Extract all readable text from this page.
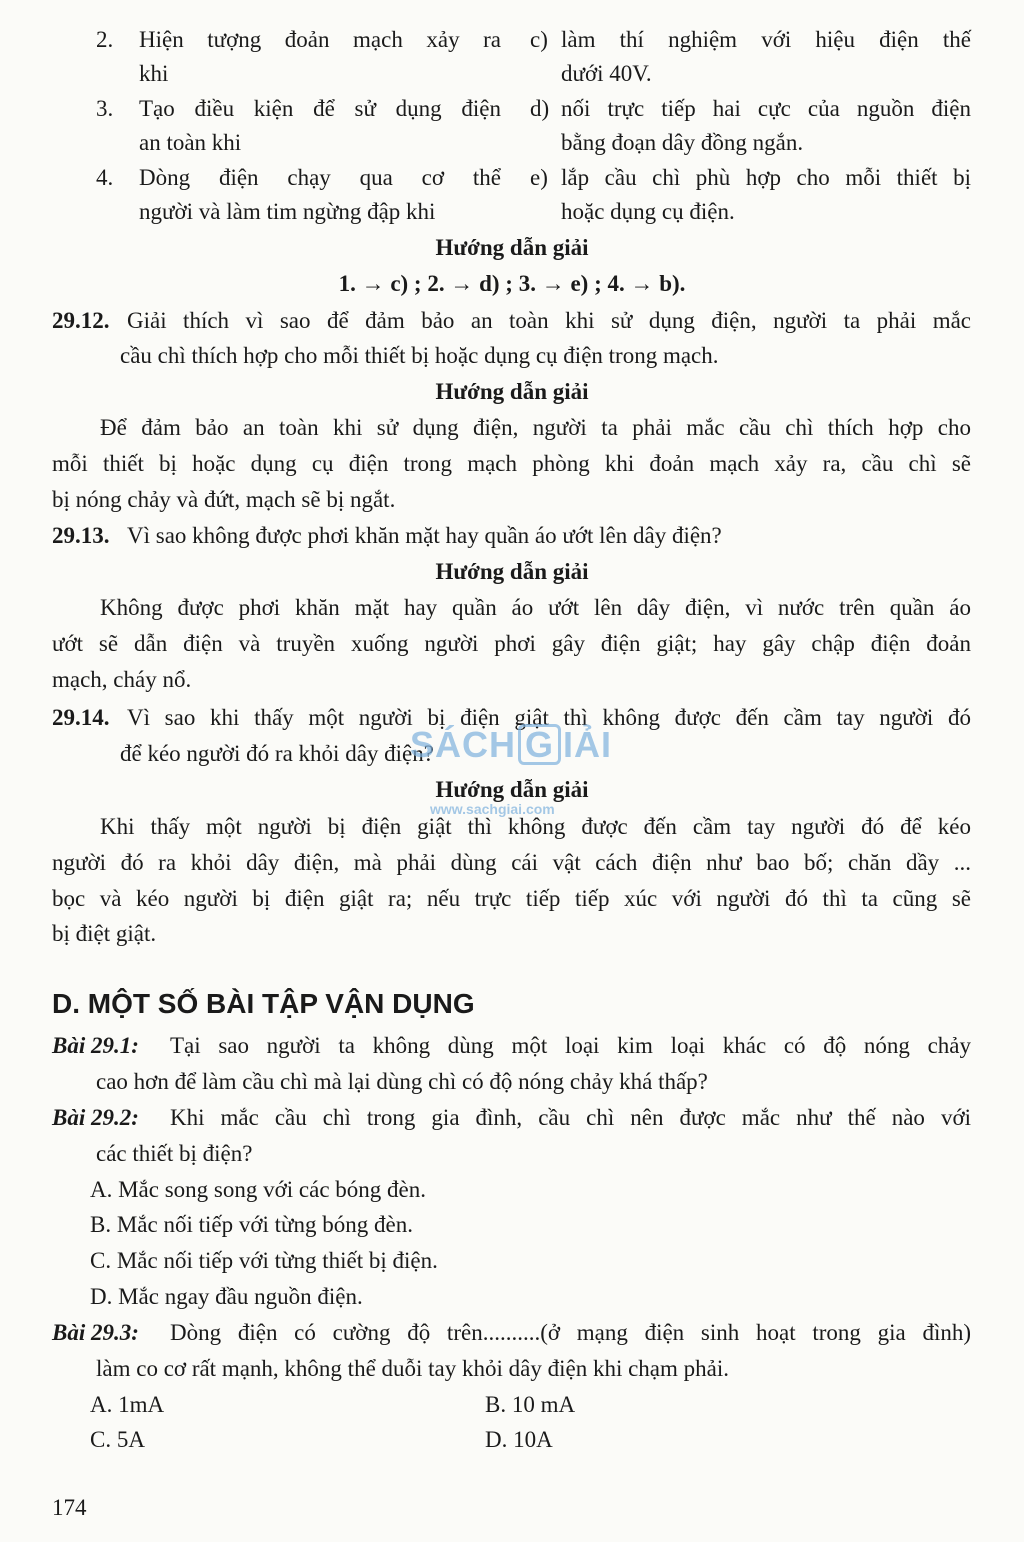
2. Hiện tượng đoản mạch xảy ra
khi
c) làm thí nghiệm với hiệu điện thế
dưới 40V.
3. Tạo điều kiện để sử dụng điện
an toàn khi
d) nối trực tiếp hai cực của nguồn điện
bằng đoạn dây đồng ngắn.
4. Dòng điện chạy qua cơ thể
người và làm tim ngừng đập khi
e) lắp cầu chì phù hợp cho mỗi thiết bị
hoặc dụng cụ điện.
Hướng dẫn giải
1. → c) ; 2. → d) ; 3. → e) ; 4. → b).
29.12. Giải thích vì sao để đảm bảo an toàn khi sử dụng điện, người ta phải mắc
cầu chì thích hợp cho mỗi thiết bị hoặc dụng cụ điện trong mạch.
Hướng dẫn giải
Để đảm bảo an toàn khi sử dụng điện, người ta phải mắc cầu chì thích hợp cho
mỗi thiết bị hoặc dụng cụ điện trong mạch phòng khi đoản mạch xảy ra, cầu chì sẽ
bị nóng chảy và đứt, mạch sẽ bị ngắt.
29.13. Vì sao không được phơi khăn mặt hay quần áo ướt lên dây điện?
Hướng dẫn giải
Không được phơi khăn mặt hay quần áo ướt lên dây điện, vì nước trên quần áo
ướt sẽ dẫn điện và truyền xuống người phơi gây điện giật; hay gây chập điện đoản
mạch, cháy nổ.
29.14. Vì sao khi thấy một người bị điện giật thì không được đến cầm tay người đó
để kéo người đó ra khỏi dây điện?
SÁCH G IẢI
www.sachgiai.com
Hướng dẫn giải
Khi thấy một người bị điện giật thì không được đến cầm tay người đó để kéo
người đó ra khỏi dây điện, mà phải dùng cái vật cách điện như bao bố; chăn dầy ...
bọc và kéo người bị điện giật ra; nếu trực tiếp tiếp xúc với người đó thì ta cũng sẽ
bị điệt giật.
D. MỘT SỐ BÀI TẬP VẬN DỤNG
Bài 29.1: Tại sao người ta không dùng một loại kim loại khác có độ nóng chảy
cao hơn để làm cầu chì mà lại dùng chì có độ nóng chảy khá thấp?
Bài 29.2: Khi mắc cầu chì trong gia đình, cầu chì nên được mắc như thế nào với
các thiết bị điện?
A. Mắc song song với các bóng đèn.
B. Mắc nối tiếp với từng bóng đèn.
C. Mắc nối tiếp với từng thiết bị điện.
D. Mắc ngay đầu nguồn điện.
Bài 29.3: Dòng điện có cường độ trên..........(ở mạng điện sinh hoạt trong gia đình)
làm co cơ rất mạnh, không thể duỗi tay khỏi dây điện khi chạm phải.
A. 1mA	B. 10 mA
C. 5A	D. 10A
174
